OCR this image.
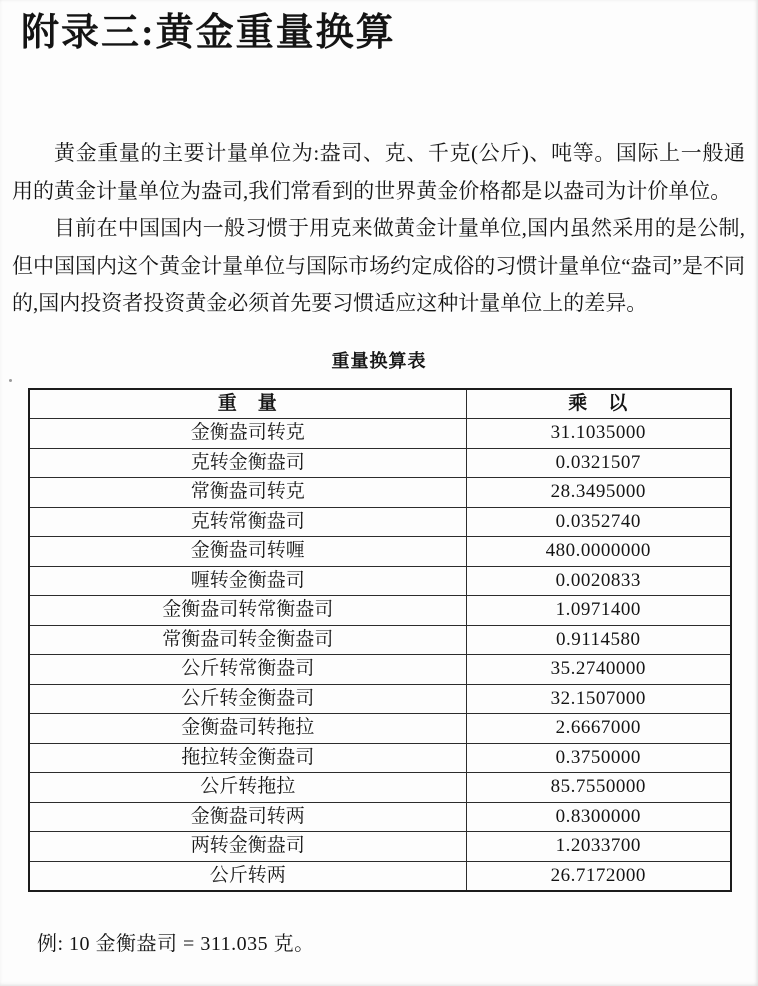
附录三:黄金重量换算

黄金重量的主要计量单位为:盎司、克、千克(公斤)、吨等。国际上一般通用的黄金计量单位为盎司,我们常看到的世界黄金价格都是以盎司为计价单位。

目前在中国国内一般习惯于用克来做黄金计量单位,国内虽然采用的是公制,但中国国内这个黄金计量单位与国际市场约定成俗的习惯计量单位“盎司”是不同的,国内投资者投资黄金必须首先要习惯适应这种计量单位上的差异。

重量换算表
重　量	乘　以
金衡盎司转克	31.1035000
克转金衡盎司	0.0321507
常衡盎司转克	28.3495000
克转常衡盎司	0.0352740
金衡盎司转喱	480.0000000
喱转金衡盎司	0.0020833
金衡盎司转常衡盎司	1.0971400
常衡盎司转金衡盎司	0.9114580
公斤转常衡盎司	35.2740000
公斤转金衡盎司	32.1507000
金衡盎司转拖拉	2.6667000
拖拉转金衡盎司	0.3750000
公斤转拖拉	85.7550000
金衡盎司转两	0.8300000
两转金衡盎司	1.2033700
公斤转两	26.7172000

例: 10 金衡盎司 = 311.035 克。
